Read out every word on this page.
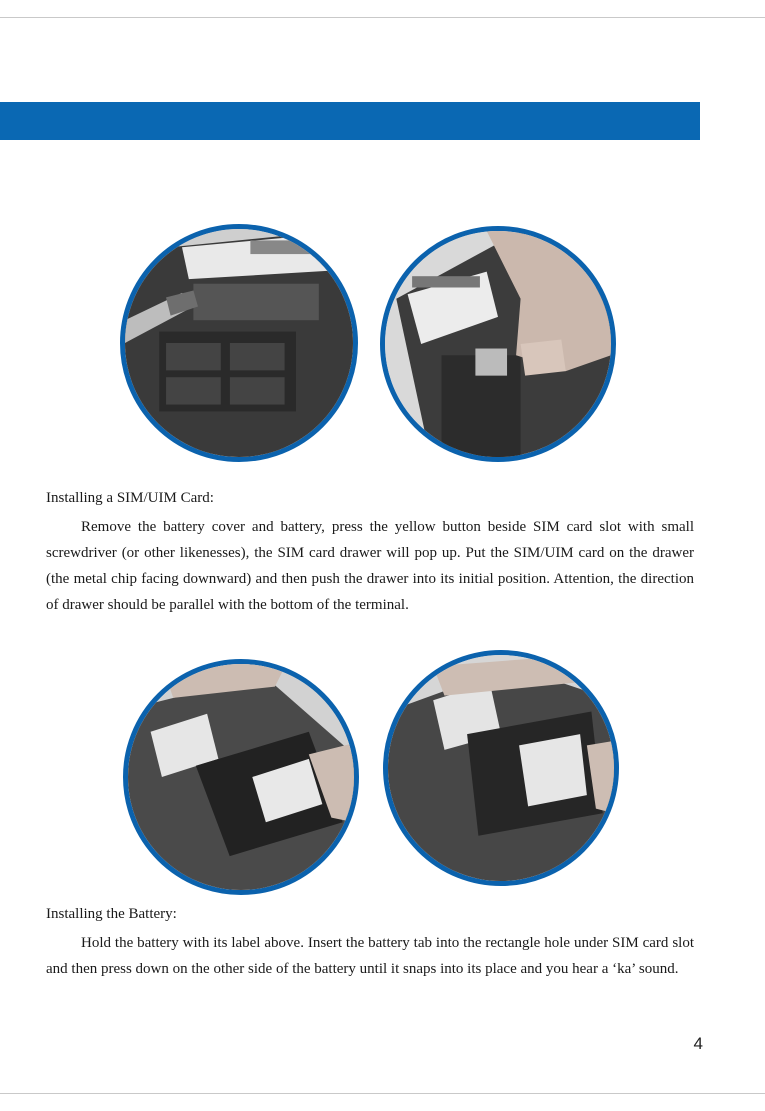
Installing a SIM/UIM Card:
Remove the battery cover and battery, press the yellow button beside SIM card slot with small screwdriver (or other likenesses), the SIM card drawer will pop up. Put the SIM/UIM card on the drawer (the metal chip facing downward) and then push the drawer into its initial position. Attention, the direction of drawer should be parallel with the bottom of the terminal.
Installing the Battery:
Hold the battery with its label above. Insert the battery tab into the rectangle hole under SIM card slot and then press down on the other side of the battery until it snaps into its place and you hear a ‘ka’ sound.
4
